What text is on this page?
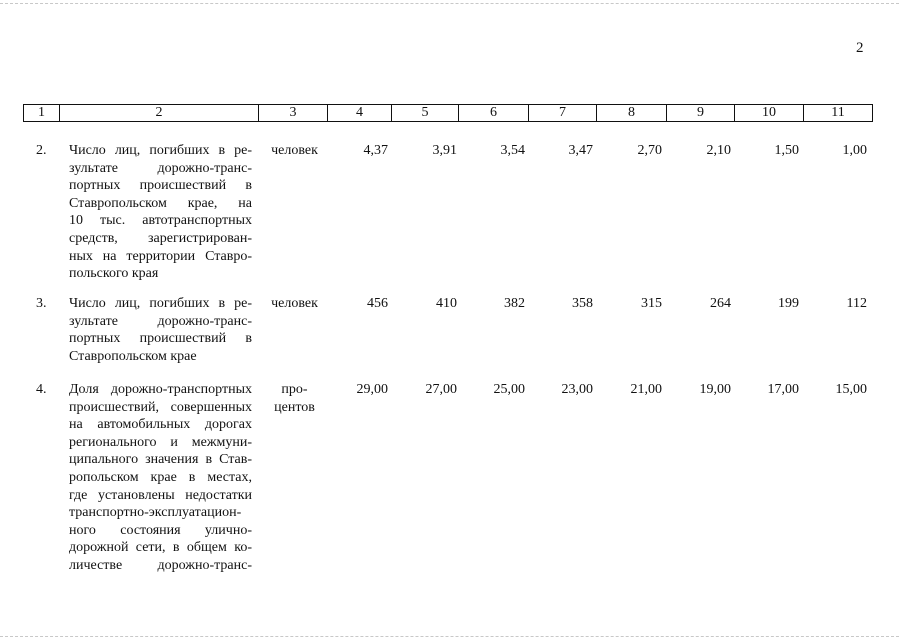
2
1	2	3	4	5	6	7	8	9	10	11
2.	Число лиц, погибших в ре-
зультате дорожно-транс-
портных происшествий в
Ставропольском крае, на
10 тыс. автотранспортных
средств, зарегистрирован-
ных на территории Ставро-
польского края
человек	4,37	3,91	3,54	3,47	2,70	2,10	1,50	1,00
3.	Число лиц, погибших в ре-
зультате дорожно-транс-
портных происшествий в
Ставропольском крае
человек	456	410	382	358	315	264	199	112
4.	Доля дорожно-транспортных
происшествий, совершенных
на автомобильных дорогах
регионального и межмуни-
ципального значения в Став-
ропольском крае в местах,
где установлены недостатки
транспортно-эксплуатацион-
ного состояния улично-
дорожной сети, в общем ко-
личестве дорожно-транс-
про-
центов
29,00	27,00	25,00	23,00	21,00	19,00	17,00	15,00
